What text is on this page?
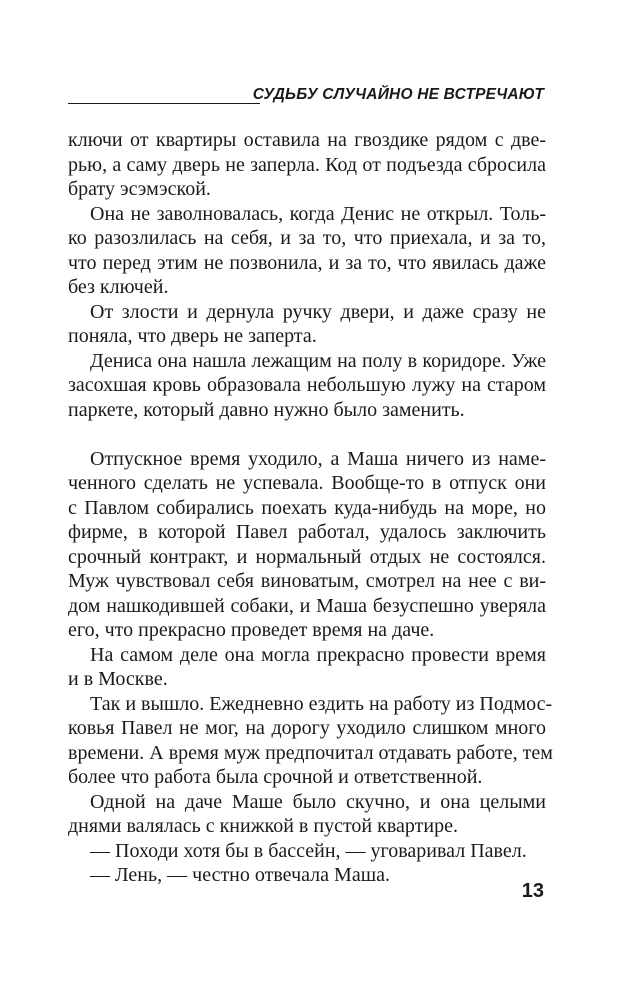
СУДЬБУ СЛУЧАЙНО НЕ ВСТРЕЧАЮТ
ключи от квартиры оставила на гвоздике рядом с две-
рью, а саму дверь не заперла. Код от подъезда сбросила
брату эсэмэской.
Она не заволновалась, когда Денис не открыл. Толь-
ко разозлилась на себя, и за то, что приехала, и за то,
что перед этим не позвонила, и за то, что явилась даже
без ключей.
От злости и дернула ручку двери, и даже сразу не
поняла, что дверь не заперта.
Дениса она нашла лежащим на полу в коридоре. Уже
засохшая кровь образовала небольшую лужу на старом
паркете, который давно нужно было заменить.
Отпускное время уходило, а Маша ничего из наме-
ченного сделать не успевала. Вообще-то в отпуск они
с Павлом собирались поехать куда-нибудь на море, но
фирме, в которой Павел работал, удалось заключить
срочный контракт, и нормальный отдых не состоялся.
Муж чувствовал себя виноватым, смотрел на нее с ви-
дом нашкодившей собаки, и Маша безуспешно уверяла
его, что прекрасно проведет время на даче.
На самом деле она могла прекрасно провести время
и в Москве.
Так и вышло. Ежедневно ездить на работу из Подмос-
ковья Павел не мог, на дорогу уходило слишком много
времени. А время муж предпочитал отдавать работе, тем
более что работа была срочной и ответственной.
Одной на даче Маше было скучно, и она целыми
днями валялась с книжкой в пустой квартире.
— Походи хотя бы в бассейн, — уговаривал Павел.
— Лень, — честно отвечала Маша.
13
